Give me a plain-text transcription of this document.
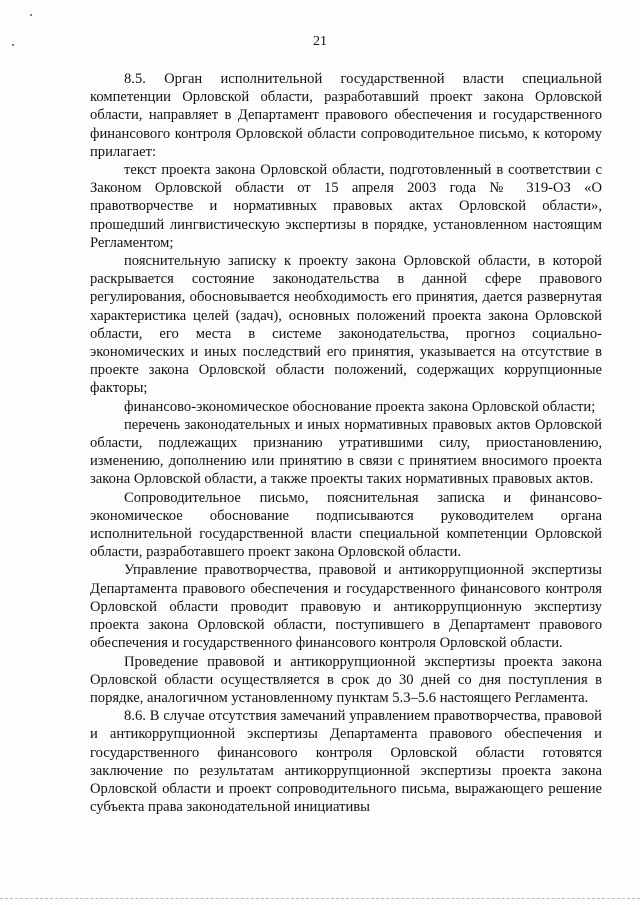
21

8.5. Орган исполнительной государственной власти специальной компетенции Орловской области, разработавший проект закона Орловской области, направляет в Департамент правового обеспечения и государственного финансового контроля Орловской области сопроводительное письмо, к которому прилагает:

текст проекта закона Орловской области, подготовленный в соответствии с Законом Орловской области от 15 апреля 2003 года № 319-ОЗ «О правотворчестве и нормативных правовых актах Орловской области», прошедший лингвистическую экспертизы в порядке, установленном настоящим Регламентом;

пояснительную записку к проекту закона Орловской области, в которой раскрывается состояние законодательства в данной сфере правового регулирования, обосновывается необходимость его принятия, дается развернутая характеристика целей (задач), основных положений проекта закона Орловской области, его места в системе законодательства, прогноз социально-экономических и иных последствий его принятия, указывается на отсутствие в проекте закона Орловской области положений, содержащих коррупционные факторы;

финансово-экономическое обоснование проекта закона Орловской области;

перечень законодательных и иных нормативных правовых актов Орловской области, подлежащих признанию утратившими силу, приостановлению, изменению, дополнению или принятию в связи с принятием вносимого проекта закона Орловской области, а также проекты таких нормативных правовых актов.

Сопроводительное письмо, пояснительная записка и финансово-экономическое обоснование подписываются руководителем органа исполнительной государственной власти специальной компетенции Орловской области, разработавшего проект закона Орловской области.

Управление правотворчества, правовой и антикоррупционной экспертизы Департамента правового обеспечения и государственного финансового контроля Орловской области проводит правовую и антикоррупционную экспертизу проекта закона Орловской области, поступившего в Департамент правового обеспечения и государственного финансового контроля Орловской области.

Проведение правовой и антикоррупционной экспертизы проекта закона Орловской области осуществляется в срок до 30 дней со дня поступления в порядке, аналогичном установленному пунктам 5.3–5.6 настоящего Регламента.

8.6. В случае отсутствия замечаний управлением правотворчества, правовой и антикоррупционной экспертизы Департамента правового обеспечения и государственного финансового контроля Орловской области готовятся заключение по результатам антикоррупционной экспертизы проекта закона Орловской области и проект сопроводительного письма, выражающего решение субъекта права законодательной инициативы
